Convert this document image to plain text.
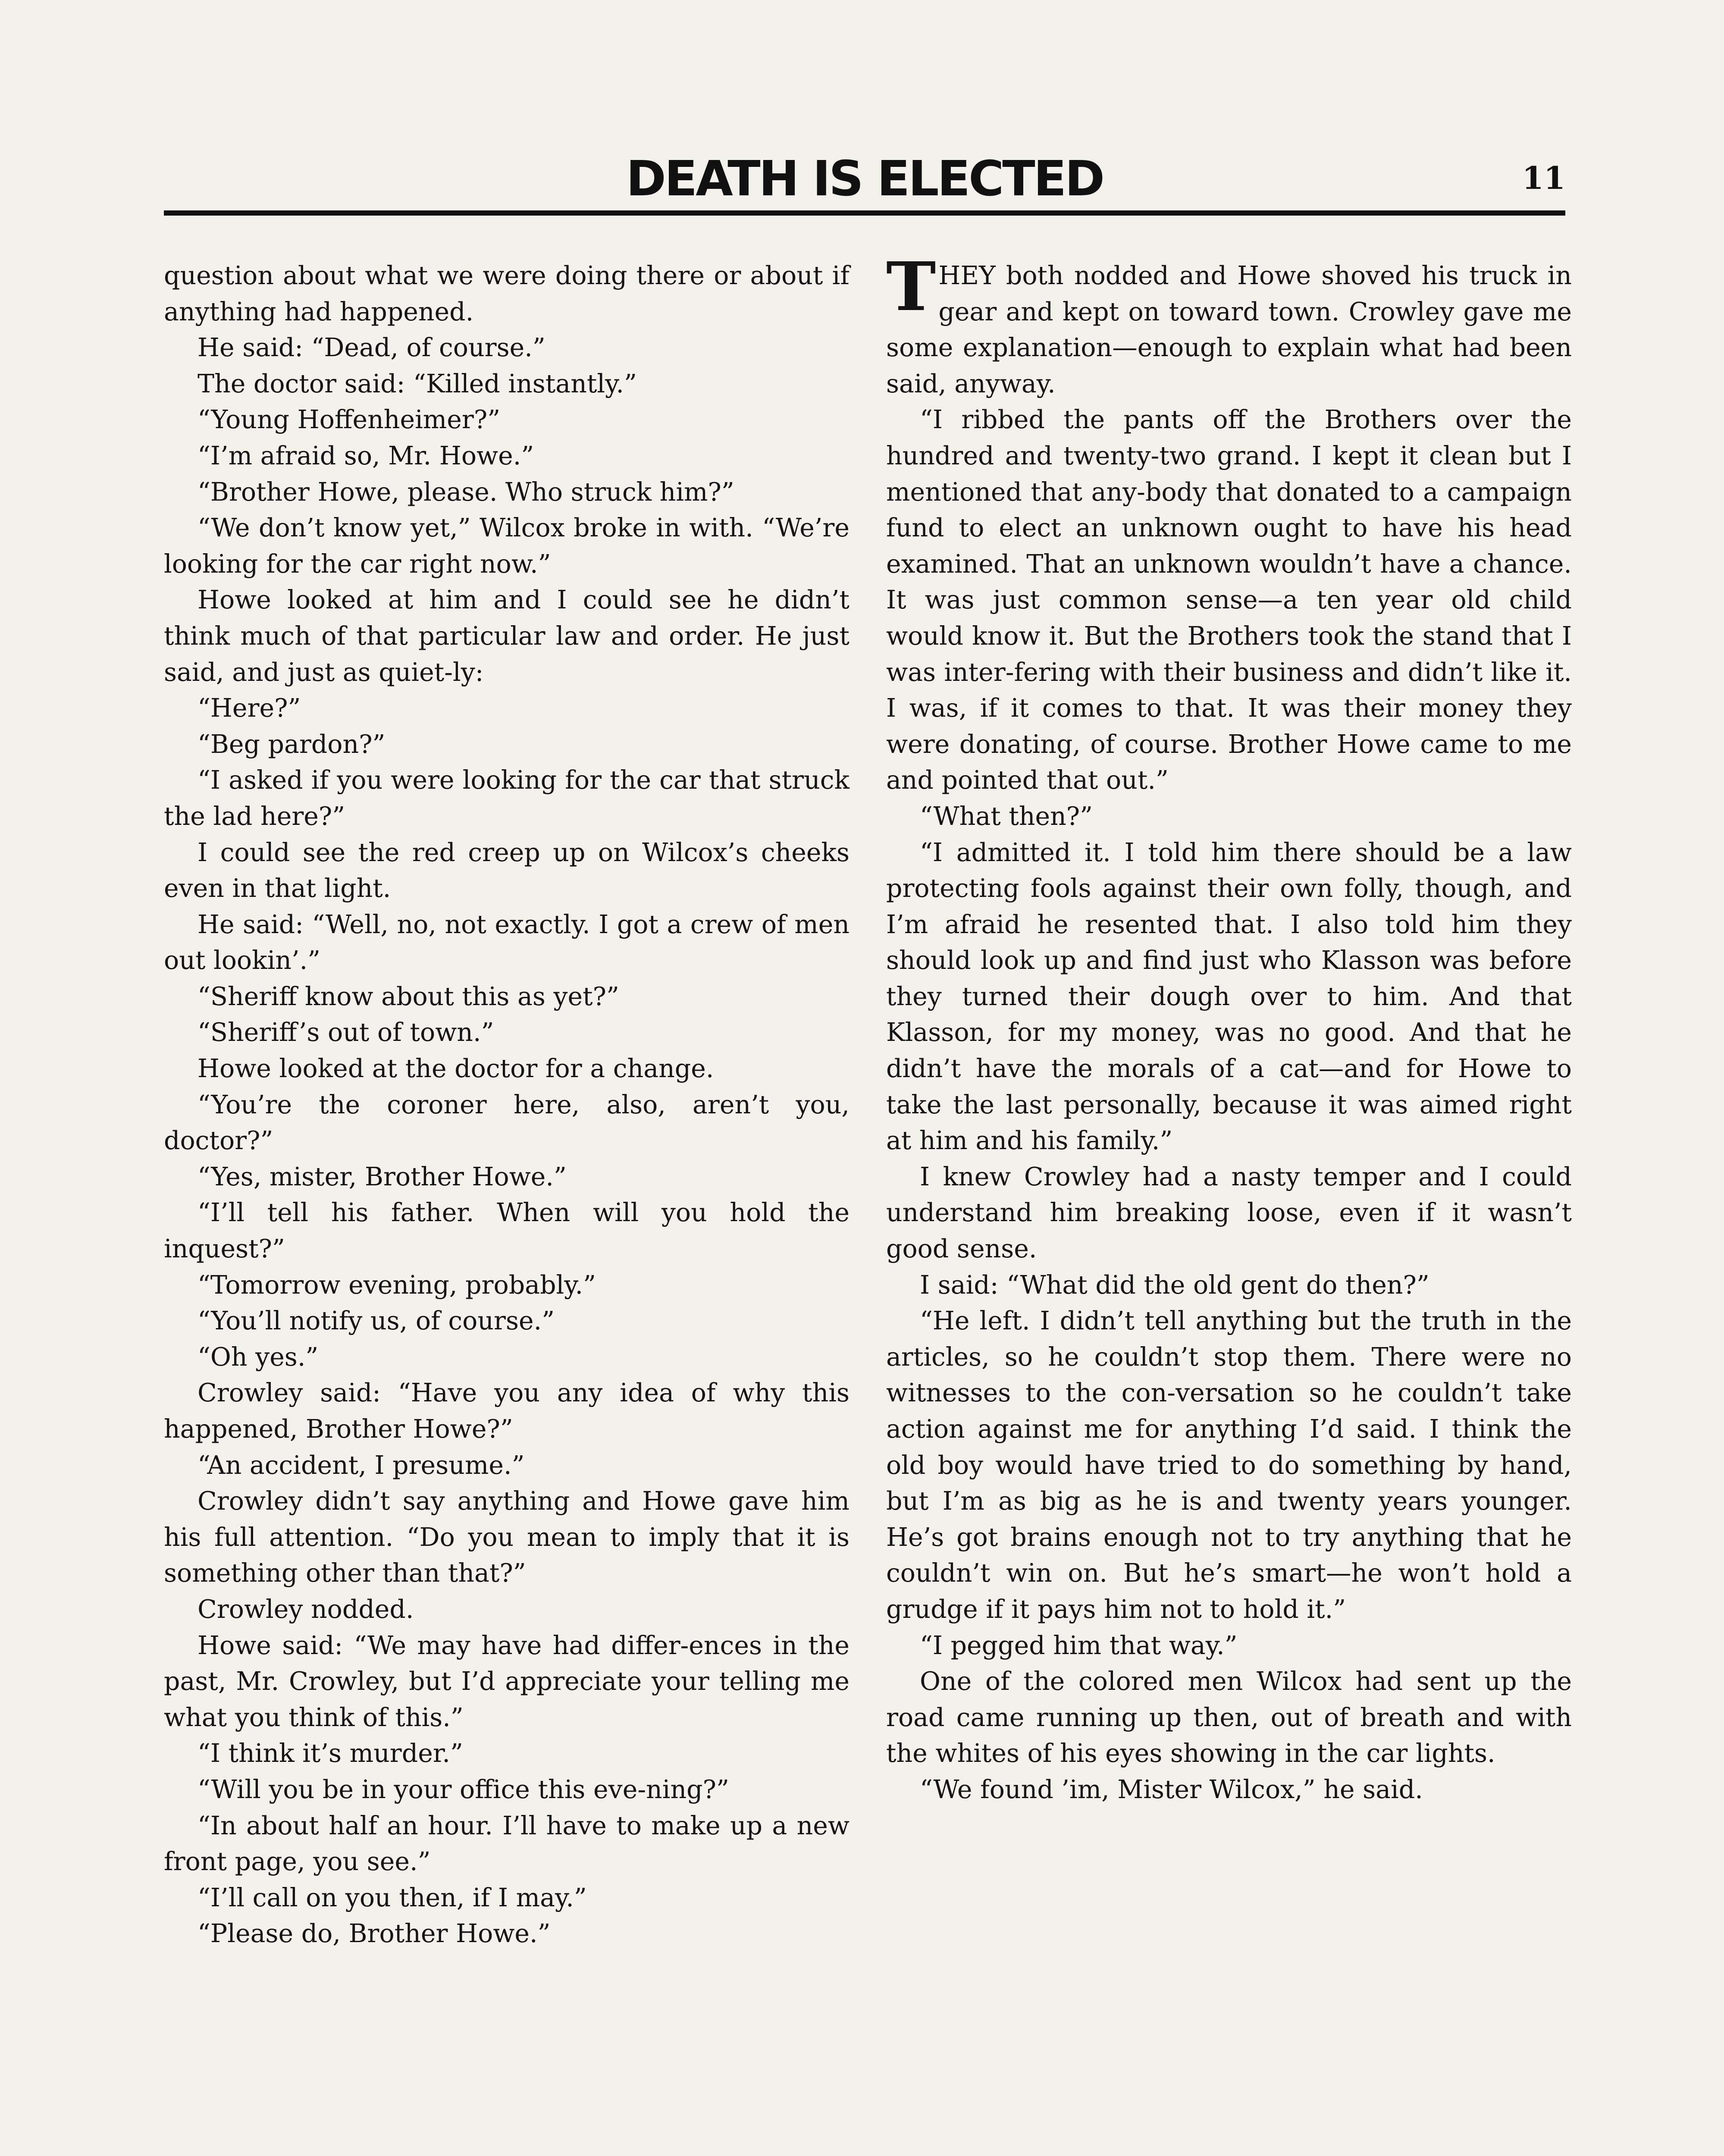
DEATH IS ELECTED	11

question about what we were doing there or about if anything had happened.

He said: “Dead, of course.”

The doctor said: “Killed instantly.”

“Young Hoffenheimer?”

“I’m afraid so, Mr. Howe.”

“Brother Howe, please. Who struck him?”

“We don’t know yet,” Wilcox broke in with. “We’re looking for the car right now.”

Howe looked at him and I could see he didn’t think much of that particular law and order. He just said, and just as quiet-ly:

“Here?”

“Beg pardon?”

“I asked if you were looking for the car that struck the lad here?”

I could see the red creep up on Wilcox’s cheeks even in that light.

He said: “Well, no, not exactly. I got a crew of men out lookin’.”

“Sheriff know about this as yet?”

“Sheriff’s out of town.”

Howe looked at the doctor for a change.

“You’re the coroner here, also, aren’t you, doctor?”

“Yes, mister, Brother Howe.”

“I’ll tell his father. When will you hold the inquest?”

“Tomorrow evening, probably.”

“You’ll notify us, of course.”

“Oh yes.”

Crowley said: “Have you any idea of why this happened, Brother Howe?”

“An accident, I presume.”

Crowley didn’t say anything and Howe gave him his full attention. “Do you mean to imply that it is something other than that?”

Crowley nodded.

Howe said: “We may have had differ-ences in the past, Mr. Crowley, but I’d appreciate your telling me what you think of this.”

“I think it’s murder.”

“Will you be in your office this eve-ning?”

“In about half an hour. I’ll have to make up a new front page, you see.”

“I’ll call on you then, if I may.”

“Please do, Brother Howe.”

THEY both nodded and Howe shoved his truck in gear and kept on toward town. Crowley gave me some explanation—enough to explain what had been said, anyway.

“I ribbed the pants off the Brothers over the hundred and twenty-two grand. I kept it clean but I mentioned that any-body that donated to a campaign fund to elect an unknown ought to have his head examined. That an unknown wouldn’t have a chance. It was just common sense—a ten year old child would know it. But the Brothers took the stand that I was inter-fering with their business and didn’t like it. I was, if it comes to that. It was their money they were donating, of course. Brother Howe came to me and pointed that out.”

“What then?”

“I admitted it. I told him there should be a law protecting fools against their own folly, though, and I’m afraid he resented that. I also told him they should look up and find just who Klasson was before they turned their dough over to him. And that Klasson, for my money, was no good. And that he didn’t have the morals of a cat—and for Howe to take the last personally, because it was aimed right at him and his family.”

I knew Crowley had a nasty temper and I could understand him breaking loose, even if it wasn’t good sense.

I said: “What did the old gent do then?”

“He left. I didn’t tell anything but the truth in the articles, so he couldn’t stop them. There were no witnesses to the con-versation so he couldn’t take action against me for anything I’d said. I think the old boy would have tried to do something by hand, but I’m as big as he is and twenty years younger. He’s got brains enough not to try anything that he couldn’t win on. But he’s smart—he won’t hold a grudge if it pays him not to hold it.”

“I pegged him that way.”

One of the colored men Wilcox had sent up the road came running up then, out of breath and with the whites of his eyes showing in the car lights.

“We found ’im, Mister Wilcox,” he said.
